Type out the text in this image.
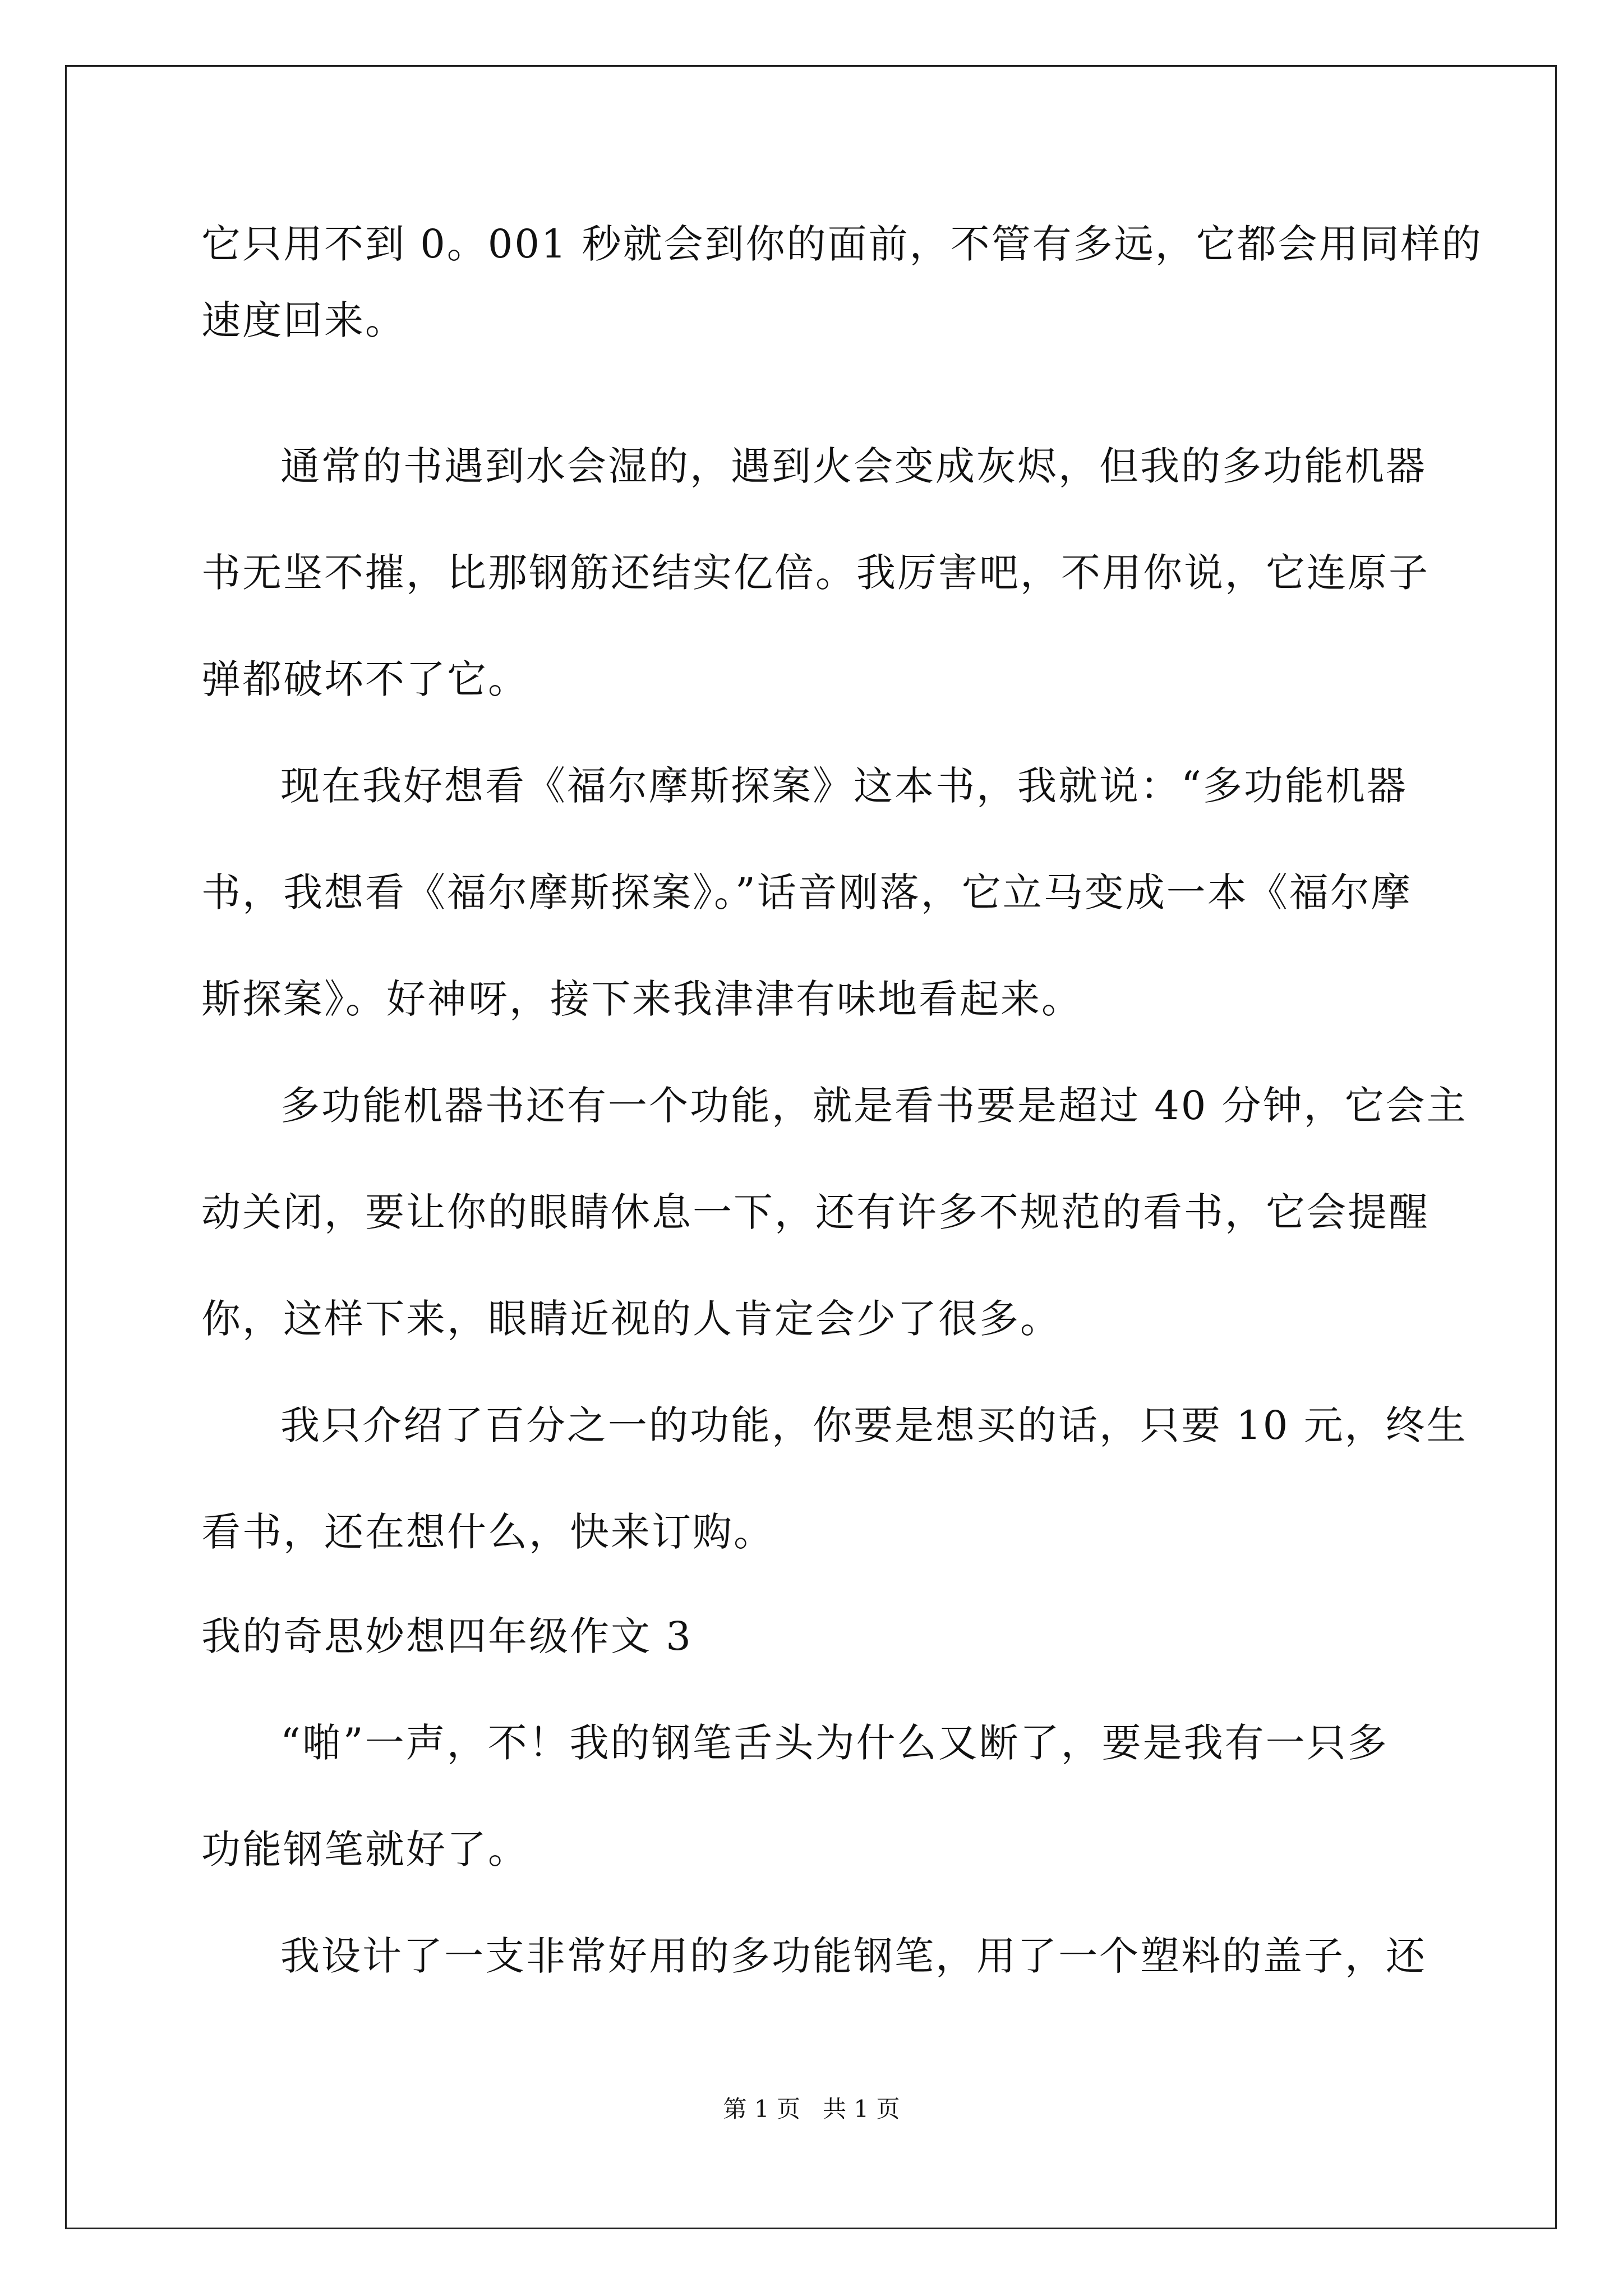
它只用不到 0。001 秒就会到你的面前，不管有多远，它都会用同样的
速度回来。
通常的书遇到水会湿的，遇到火会变成灰烬，但我的多功能机器
书无坚不摧，比那钢筋还结实亿倍。我厉害吧，不用你说，它连原子
弹都破坏不了它。
现在我好想看《福尔摩斯探案》这本书，我就说：“多功能机器
书，我想看《福尔摩斯探案》。”话音刚落，它立马变成一本《福尔摩
斯探案》。好神呀，接下来我津津有味地看起来。
多功能机器书还有一个功能，就是看书要是超过 40 分钟，它会主
动关闭，要让你的眼睛休息一下，还有许多不规范的看书，它会提醒
你，这样下来，眼睛近视的人肯定会少了很多。
我只介绍了百分之一的功能，你要是想买的话，只要 10 元，终生
看书，还在想什么，快来订购。
我的奇思妙想四年级作文 3
“啪”一声，不！我的钢笔舌头为什么又断了，要是我有一只多
功能钢笔就好了。
我设计了一支非常好用的多功能钢笔，用了一个塑料的盖子，还
第 1 页   共 1 页
